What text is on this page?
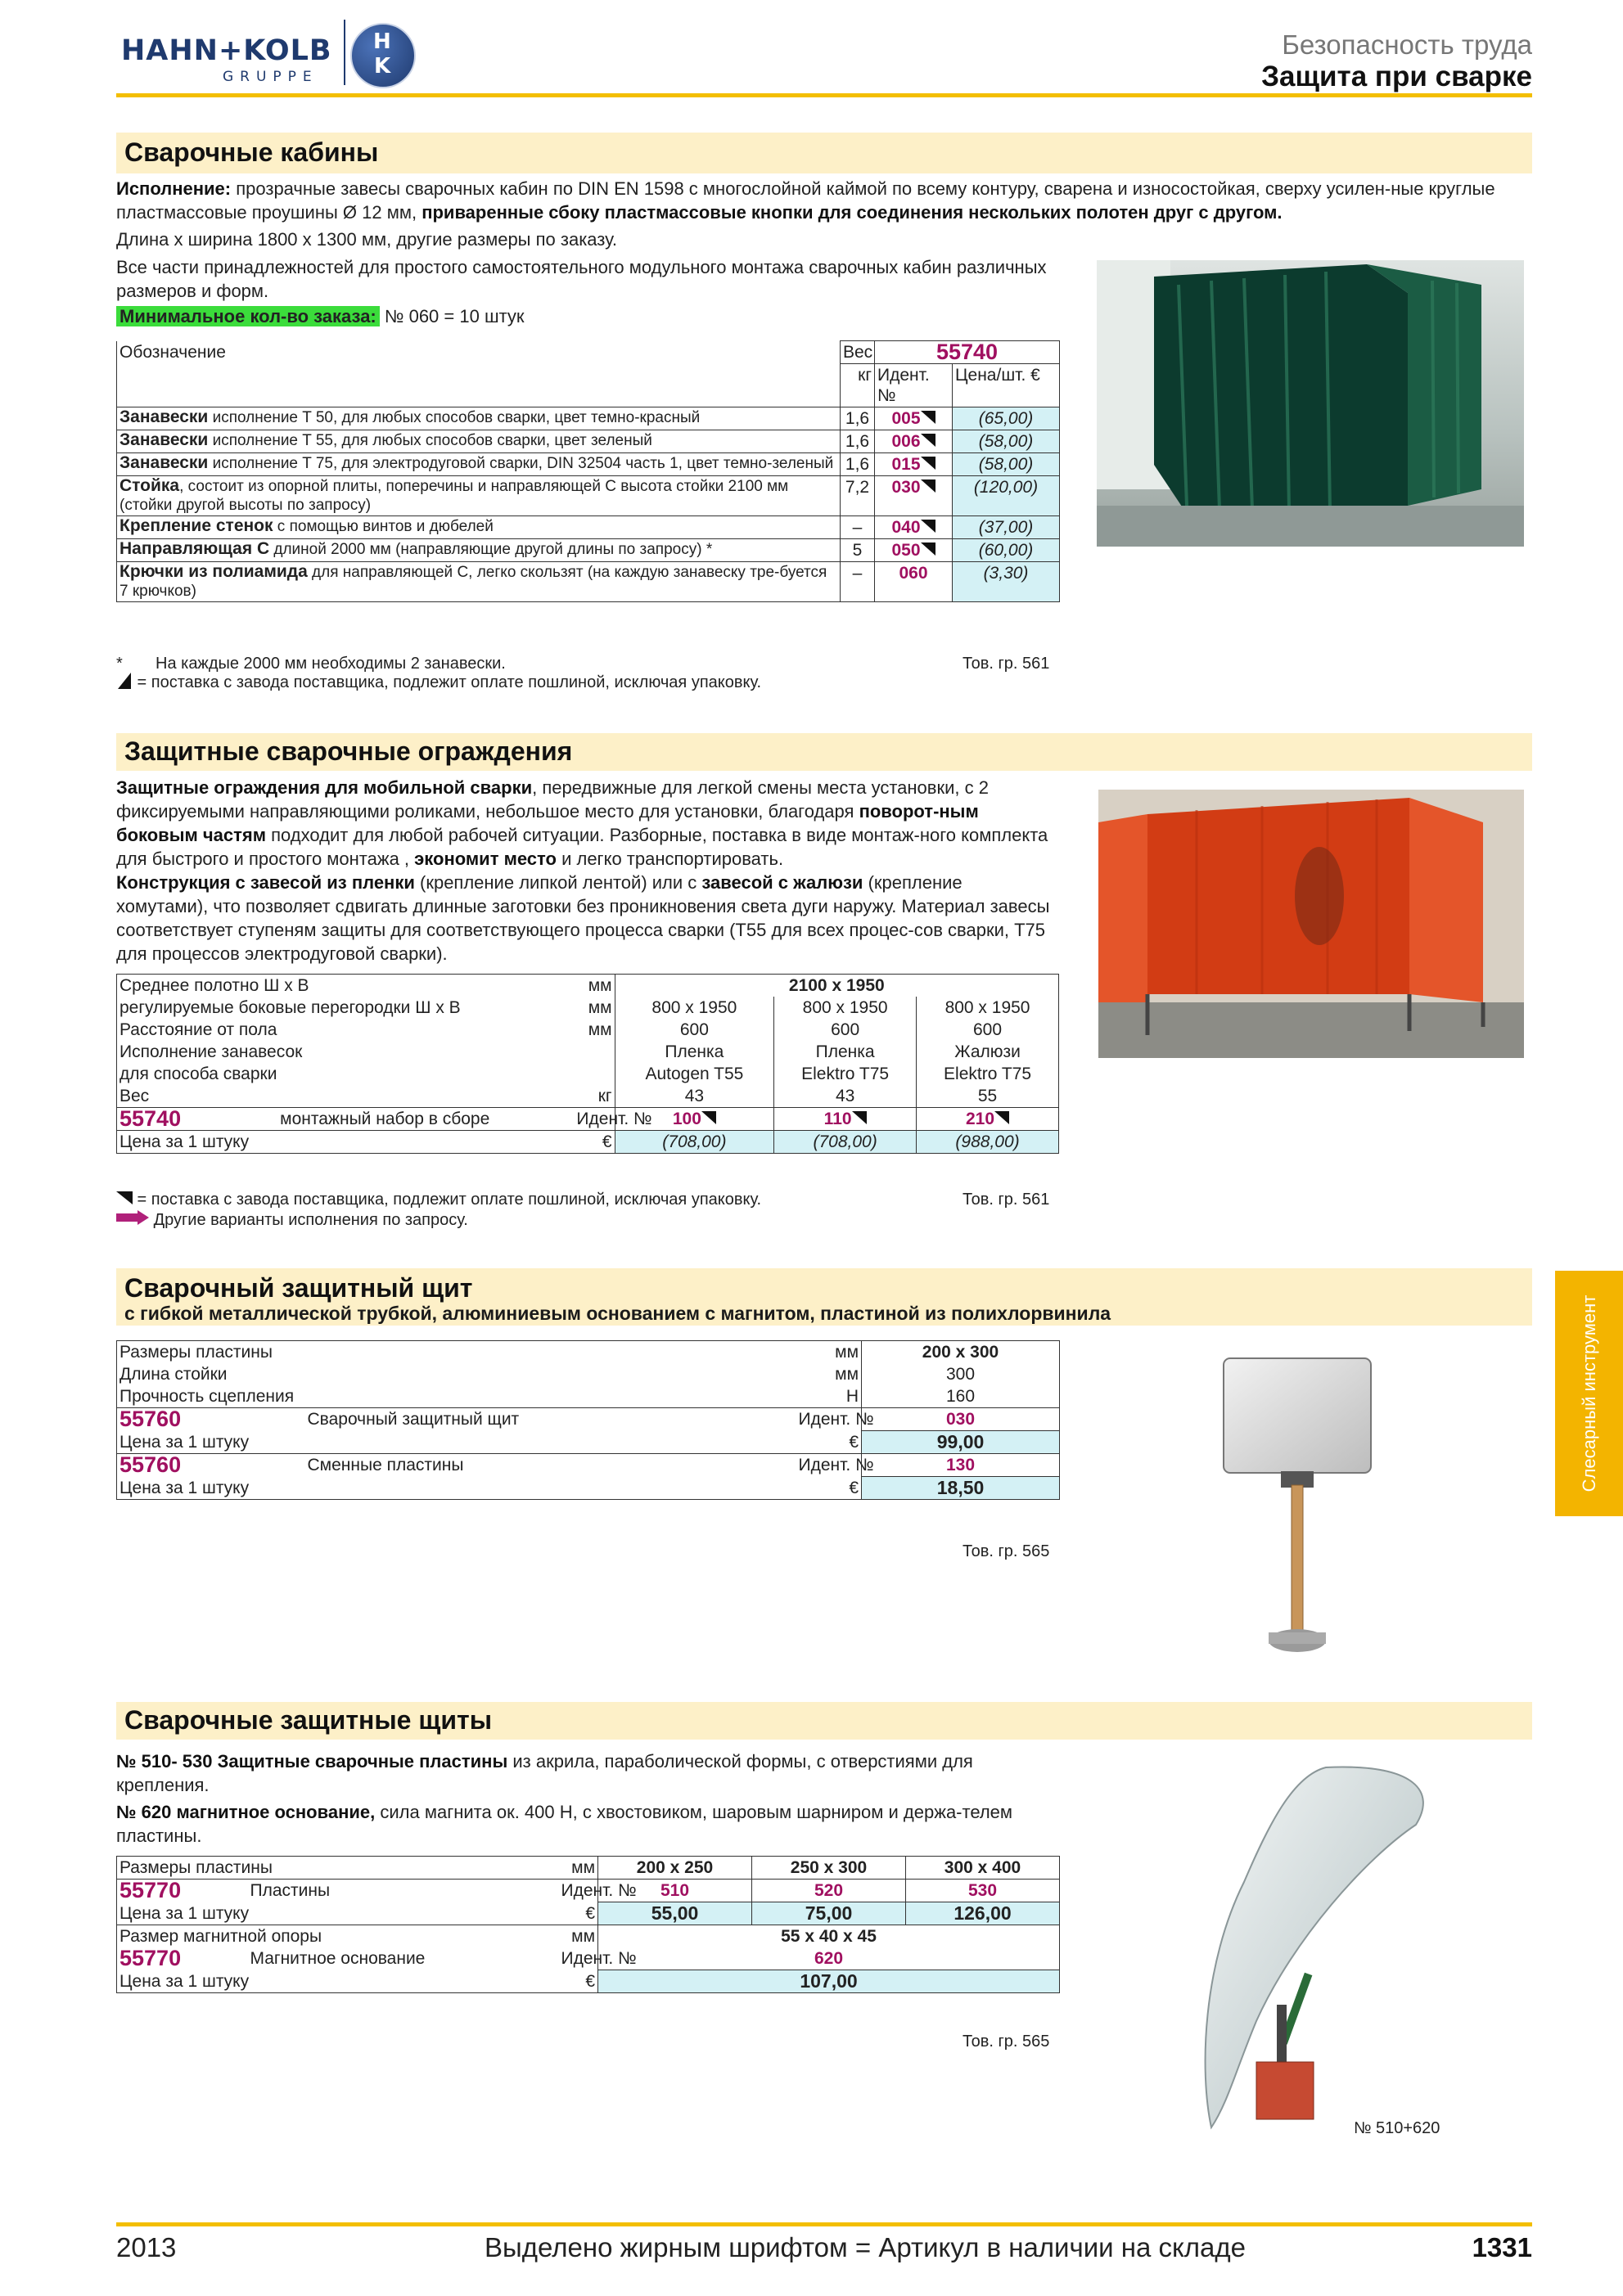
HAHN+KOLB
GRUPPE
H
K
Безопасность труда
Защита при сварке
Сварочные кабины
Исполнение: прозрачные завесы сварочных кабин по DIN EN 1598 с многослойной каймой по всему контуру, сварена и износостойкая, сверху усилен-ные круглые пластмассовые проушины Ø 12 мм, приваренные сбоку пластмассовые кнопки для соединения нескольких полотен друг с другом.
Длина х ширина 1800 х 1300 мм, другие размеры по заказу.
Все части принадлежностей для простого самостоятельного модульного монтажа сварочных кабин различных размеров и форм.
Минимальное кол-во заказа: № 060 = 10 штук
Обозначение	Вес	55740	
	кг	Идент. №	Цена/шт. €
Занавески исполнение T 50, для любых способов сварки, цвет темно-красный	1,6	005	(65,00)
Занавески исполнение T 55, для любых способов сварки, цвет зеленый	1,6	006	(58,00)
Занавески исполнение T 75, для электродуговой сварки, DIN 32504 часть 1, цвет темно-зеленый	1,6	015	(58,00)
Стойка, состоит из опорной плиты, поперечины и направляющей C высота стойки 2100 мм (стойки другой высоты по запросу)	7,2	030	(120,00)
Крепление стенок с помощью винтов и дюбелей	–	040	(37,00)
Направляющая C длиной 2000 мм (направляющие другой длины по запросу) *	5	050	(60,00)
Крючки из полиамида для направляющей C, легко скользят (на каждую занавеску тре-буется 7 крючков)	–	060	(3,30)
* На каждые 2000 мм необходимы 2 занавески.
= поставка с завода поставщика, подлежит оплате пошлиной, исключая упаковку.
Тов. гр. 561
Защитные сварочные ограждения
Защитные ограждения для мобильной сварки, передвижные для легкой смены места установки, с 2 фиксируемыми направляющими роликами, небольшое место для установки, благодаря поворот-ным боковым частям подходит для любой рабочей ситуации. Разборные, поставка в виде монтаж-ного комплекта для быстрого и простого монтажа , экономит место и легко транспортировать.
Конструкция с завесой из пленки (крепление липкой лентой) или с завесой с жалюзи (крепление хомутами), что позволяет сдвигать длинные заготовки без проникновения света дуги наружу. Материал завесы соответствует ступеням защиты для соответствующего процесса сварки (T55 для всех процес-сов сварки, T75 для процессов электродуговой сварки).
Среднее полотно Ш х В		мм	2100 x 1950		
регулируемые боковые перегородки Ш х В		мм	800 x 1950	800 x 1950	800 x 1950
Расстояние от пола		мм	600	600	600
Исполнение занавесок			Пленка	Пленка	Жалюзи
для способа сварки			Autogen T55	Elektro T75	Elektro T75
Вес		кг	43	43	55
55740	монтажный набор в сборе	Идент. №	100	110	210
Цена за 1 штуку		€	(708,00)	(708,00)	(988,00)
= поставка с завода поставщика, подлежит оплате пошлиной, исключая упаковку.
Другие варианты исполнения по запросу.
Тов. гр. 561
Сварочный защитный щит
с гибкой металлической трубкой, алюминиевым основанием с магнитом, пластиной из полихлорвинила
Размеры пластины		мм	200 x 300
Длина стойки		мм	300
Прочность сцепления		Н	160
55760	Сварочный защитный щит	Идент. №	030
Цена за 1 штуку		€	99,00
55760	Сменные пластины	Идент. №	130
Цена за 1 штуку		€	18,50
Тов. гр. 565
Сварочные защитные щиты
№ 510- 530 Защитные сварочные пластины из акрила, параболической формы, с отверстиями для крепления.
№ 620 магнитное основание, сила магнита ок. 400 Н, с хвостовиком, шаровым шарниром и держа-телем пластины.
Размеры пластины		мм	200 x 250	250 x 300	300 x 400
55770	Пластины	Идент. №	510	520	530
Цена за 1 штуку		€	55,00	75,00	126,00
Размер магнитной опоры		мм	55 x 40 x 45		
55770	Магнитное основание	Идент. №	620		
Цена за 1 штуку		€	107,00		
Тов. гр. 565
№ 510+620
Слесарный инструмент
2013	Выделено жирным шрифтом = Артикул в наличии на складе	1331
